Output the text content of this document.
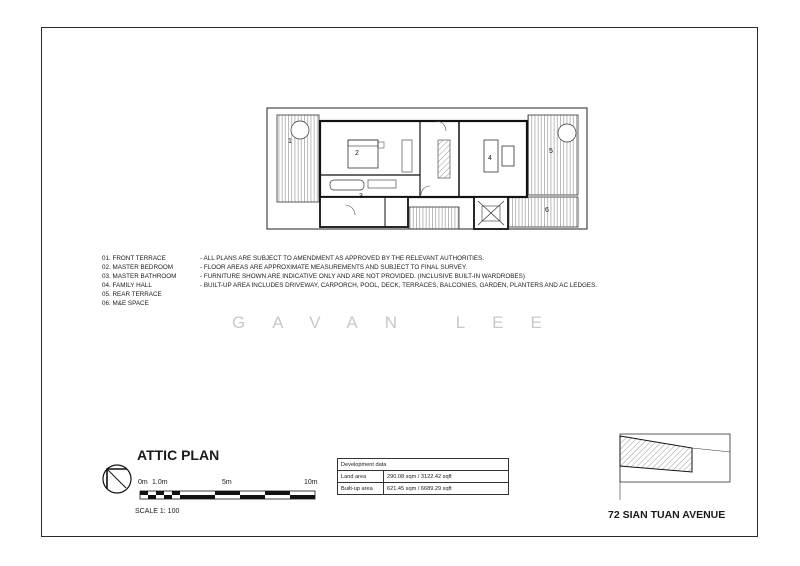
1
2
3
4
5
6
01. FRONT TERRACE
02. MASTER BEDROOM
03. MASTER BATHROOM
04. FAMILY HALL
05. REAR TERRACE
06. M&E SPACE
- ALL PLANS ARE SUBJECT TO AMENDMENT AS APPROVED BY THE RELEVANT AUTHORITIES.
- FLOOR AREAS ARE APPROXIMATE MEASUREMENTS AND SUBJECT TO FINAL SURVEY.
- FURNITURE SHOWN ARE INDICATIVE ONLY AND ARE NOT PROVIDED. (INCLUSIVE BUILT-IN WARDROBES)
- BUILT-UP AREA INCLUDES DRIVEWAY, CARPORCH, POOL, DECK, TERRACES, BALCONIES, GARDEN, PLANTERS AND AC LEDGES.
GAVAN LEE
ATTIC PLAN
0m 1.0m	5m	10m
SCALE 1: 100
Development data	
Land area	290.08 sqm / 3122.42 sqft
Built-up area	621.45 sqm / 6689.29 sqft
72 SIAN TUAN AVENUE
